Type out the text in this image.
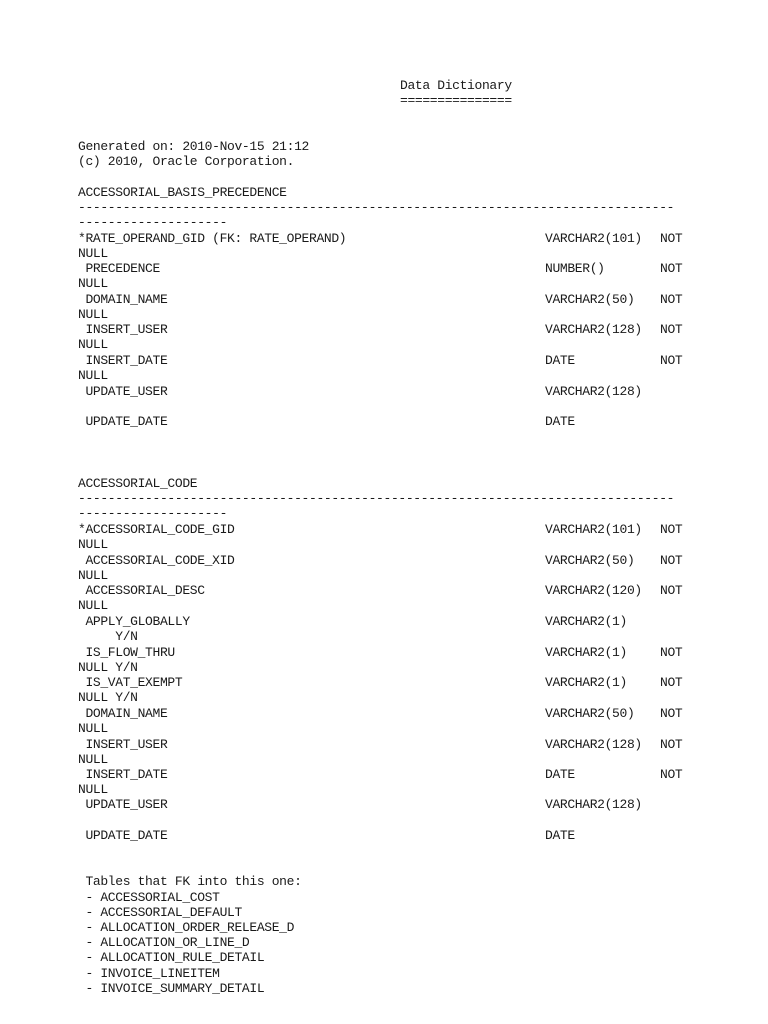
Data Dictionary
===============
Generated on: 2010-Nov-15 21:12
(c) 2010, Oracle Corporation.
ACCESSORIAL_BASIS_PRECEDENCE
--------------------------------------------------------------------------------
--------------------
*RATE_OPERAND_GID (FK: RATE_OPERAND)	VARCHAR2(101) NOT
NULL
PRECEDENCE	NUMBER()	NOT
NULL
DOMAIN_NAME	VARCHAR2(50) NOT
NULL
INSERT_USER	VARCHAR2(128) NOT
NULL
INSERT_DATE	DATE	NOT
NULL
UPDATE_USER	VARCHAR2(128)
UPDATE_DATE	DATE
ACCESSORIAL_CODE
--------------------------------------------------------------------------------
--------------------
*ACCESSORIAL_CODE_GID	VARCHAR2(101) NOT
NULL
ACCESSORIAL_CODE_XID	VARCHAR2(50) NOT
NULL
ACCESSORIAL_DESC	VARCHAR2(120) NOT
NULL
APPLY_GLOBALLY	VARCHAR2(1)
Y/N
IS_FLOW_THRU	VARCHAR2(1)	NOT
NULL Y/N
IS_VAT_EXEMPT	VARCHAR2(1)	NOT
NULL Y/N
DOMAIN_NAME	VARCHAR2(50) NOT
NULL
INSERT_USER	VARCHAR2(128) NOT
NULL
INSERT_DATE	DATE	NOT
NULL
UPDATE_USER	VARCHAR2(128)
UPDATE_DATE	DATE
Tables that FK into this one:
- ACCESSORIAL_COST
- ACCESSORIAL_DEFAULT
- ALLOCATION_ORDER_RELEASE_D
- ALLOCATION_OR_LINE_D
- ALLOCATION_RULE_DETAIL
- INVOICE_LINEITEM
- INVOICE_SUMMARY_DETAIL
